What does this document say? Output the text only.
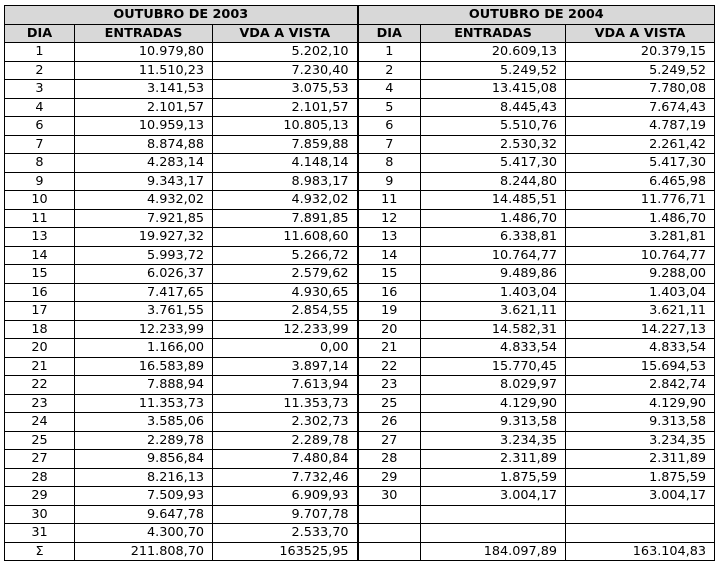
OUTUBRO DE 2003			OUTUBRO DE 2004		
DIA	ENTRADAS	VDA A VISTA	DIA	ENTRADAS	VDA A VISTA
1	10.979,80	5.202,10	1	20.609,13	20.379,15
2	11.510,23	7.230,40	2	5.249,52	5.249,52
3	3.141,53	3.075,53	4	13.415,08	7.780,08
4	2.101,57	2.101,57	5	8.445,43	7.674,43
6	10.959,13	10.805,13	6	5.510,76	4.787,19
7	8.874,88	7.859,88	7	2.530,32	2.261,42
8	4.283,14	4.148,14	8	5.417,30	5.417,30
9	9.343,17	8.983,17	9	8.244,80	6.465,98
10	4.932,02	4.932,02	11	14.485,51	11.776,71
11	7.921,85	7.891,85	12	1.486,70	1.486,70
13	19.927,32	11.608,60	13	6.338,81	3.281,81
14	5.993,72	5.266,72	14	10.764,77	10.764,77
15	6.026,37	2.579,62	15	9.489,86	9.288,00
16	7.417,65	4.930,65	16	1.403,04	1.403,04
17	3.761,55	2.854,55	19	3.621,11	3.621,11
18	12.233,99	12.233,99	20	14.582,31	14.227,13
20	1.166,00	0,00	21	4.833,54	4.833,54
21	16.583,89	3.897,14	22	15.770,45	15.694,53
22	7.888,94	7.613,94	23	8.029,97	2.842,74
23	11.353,73	11.353,73	25	4.129,90	4.129,90
24	3.585,06	2.302,73	26	9.313,58	9.313,58
25	2.289,78	2.289,78	27	3.234,35	3.234,35
27	9.856,84	7.480,84	28	2.311,89	2.311,89
28	8.216,13	7.732,46	29	1.875,59	1.875,59
29	7.509,93	6.909,93	30	3.004,17	3.004,17
30	9.647,78	9.707,78			
31	4.300,70	2.533,70			
Σ	211.808,70	163525,95		184.097,89	163.104,83
